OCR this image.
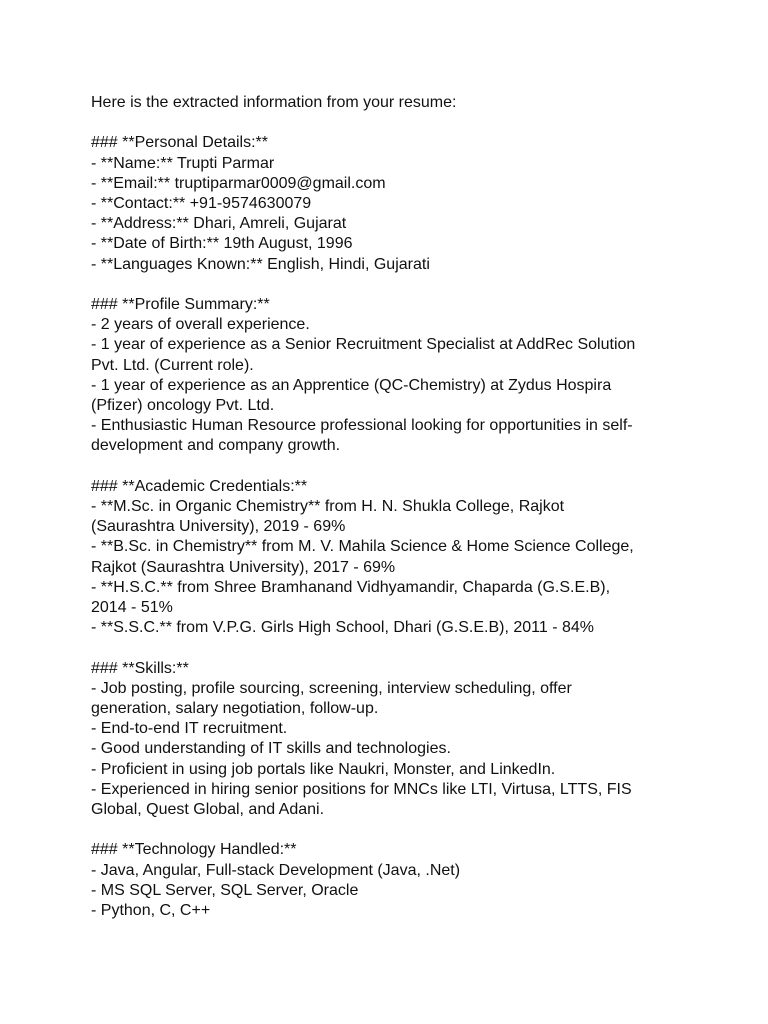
Here is the extracted information from your resume:
### **Personal Details:**
- **Name:** Trupti Parmar
- **Email:** truptiparmar0009@gmail.com
- **Contact:** +91-9574630079
- **Address:** Dhari, Amreli, Gujarat
- **Date of Birth:** 19th August, 1996
- **Languages Known:** English, Hindi, Gujarati
### **Profile Summary:**
- 2 years of overall experience.
- 1 year of experience as a Senior Recruitment Specialist at AddRec Solution
Pvt. Ltd. (Current role).
- 1 year of experience as an Apprentice (QC-Chemistry) at Zydus Hospira
(Pfizer) oncology Pvt. Ltd.
- Enthusiastic Human Resource professional looking for opportunities in self-
development and company growth.
### **Academic Credentials:**
- **M.Sc. in Organic Chemistry** from H. N. Shukla College, Rajkot
(Saurashtra University), 2019 - 69%
- **B.Sc. in Chemistry** from M. V. Mahila Science & Home Science College,
Rajkot (Saurashtra University), 2017 - 69%
- **H.S.C.** from Shree Bramhanand Vidhyamandir, Chaparda (G.S.E.B),
2014 - 51%
- **S.S.C.** from V.P.G. Girls High School, Dhari (G.S.E.B), 2011 - 84%
### **Skills:**
- Job posting, profile sourcing, screening, interview scheduling, offer
generation, salary negotiation, follow-up.
- End-to-end IT recruitment.
- Good understanding of IT skills and technologies.
- Proficient in using job portals like Naukri, Monster, and LinkedIn.
- Experienced in hiring senior positions for MNCs like LTI, Virtusa, LTTS, FIS
Global, Quest Global, and Adani.
### **Technology Handled:**
- Java, Angular, Full-stack Development (Java, .Net)
- MS SQL Server, SQL Server, Oracle
- Python, C, C++
